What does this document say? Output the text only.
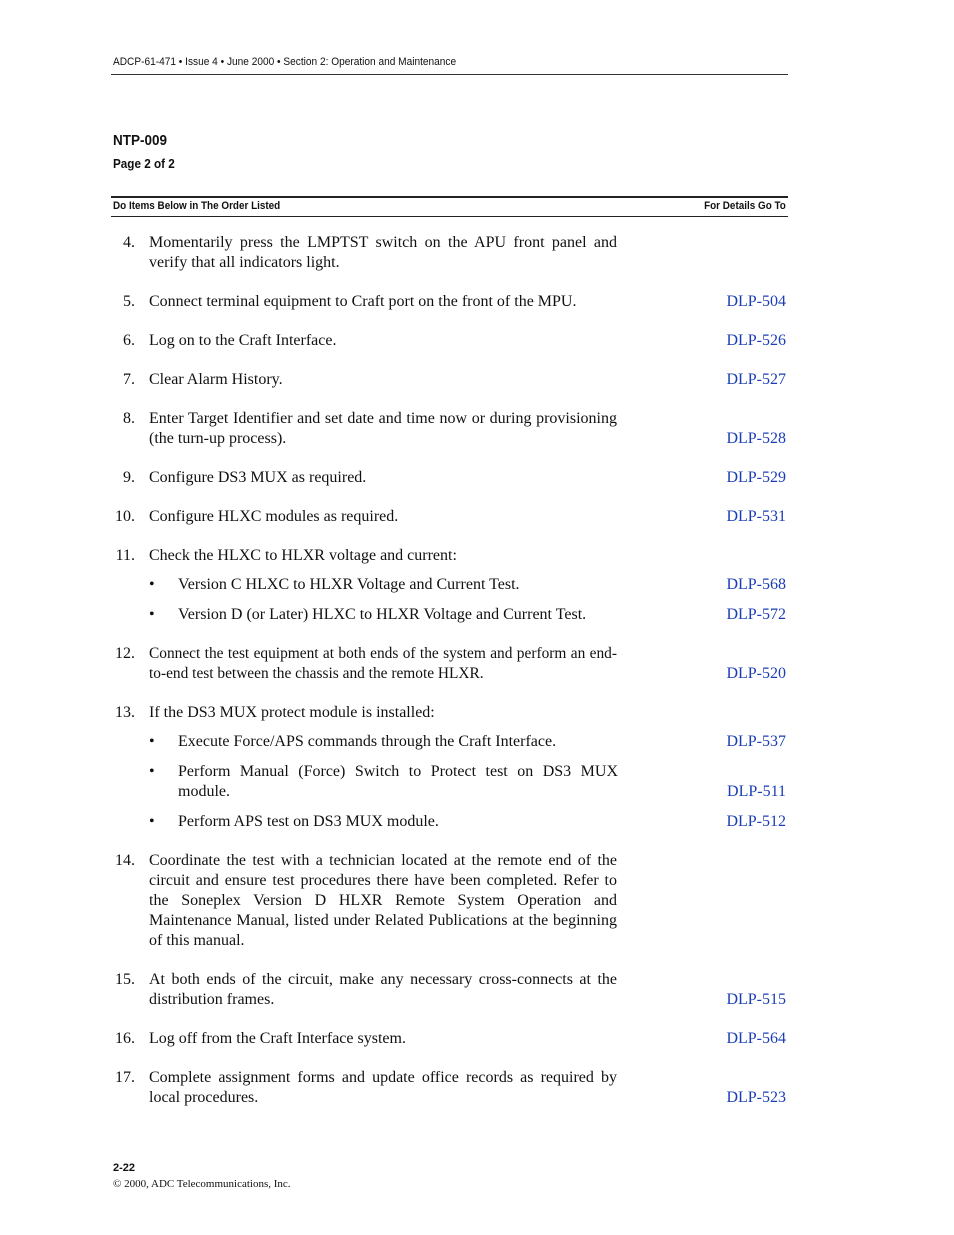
ADCP-61-471 • Issue 4 • June 2000 • Section 2: Operation and Maintenance
NTP-009
Page 2 of 2
Do Items Below in The Order Listed	For Details Go To
4. Momentarily press the LMPTST switch on the APU front panel and verify that all indicators light.
5. Connect terminal equipment to Craft port on the front of the MPU.	DLP-504
6. Log on to the Craft Interface.	DLP-526
7. Clear Alarm History.	DLP-527
8. Enter Target Identifier and set date and time now or during provisioning (the turn-up process).	DLP-528
9. Configure DS3 MUX as required.	DLP-529
10. Configure HLXC modules as required.	DLP-531
11. Check the HLXC to HLXR voltage and current:
• Version C HLXC to HLXR Voltage and Current Test.	DLP-568
• Version D (or Later) HLXC to HLXR Voltage and Current Test.	DLP-572
12. Connect the test equipment at both ends of the system and perform an end-to-end test between the chassis and the remote HLXR.	DLP-520
13. If the DS3 MUX protect module is installed:
• Execute Force/APS commands through the Craft Interface.	DLP-537
• Perform Manual (Force) Switch to Protect test on DS3 MUX module.	DLP-511
• Perform APS test on DS3 MUX module.	DLP-512
14. Coordinate the test with a technician located at the remote end of the circuit and ensure test procedures there have been completed. Refer to the Soneplex Version D HLXR Remote System Operation and Maintenance Manual, listed under Related Publications at the beginning of this manual.
15. At both ends of the circuit, make any necessary cross-connects at the distribution frames.	DLP-515
16. Log off from the Craft Interface system.	DLP-564
17. Complete assignment forms and update office records as required by local procedures.	DLP-523
2-22
© 2000, ADC Telecommunications, Inc.
